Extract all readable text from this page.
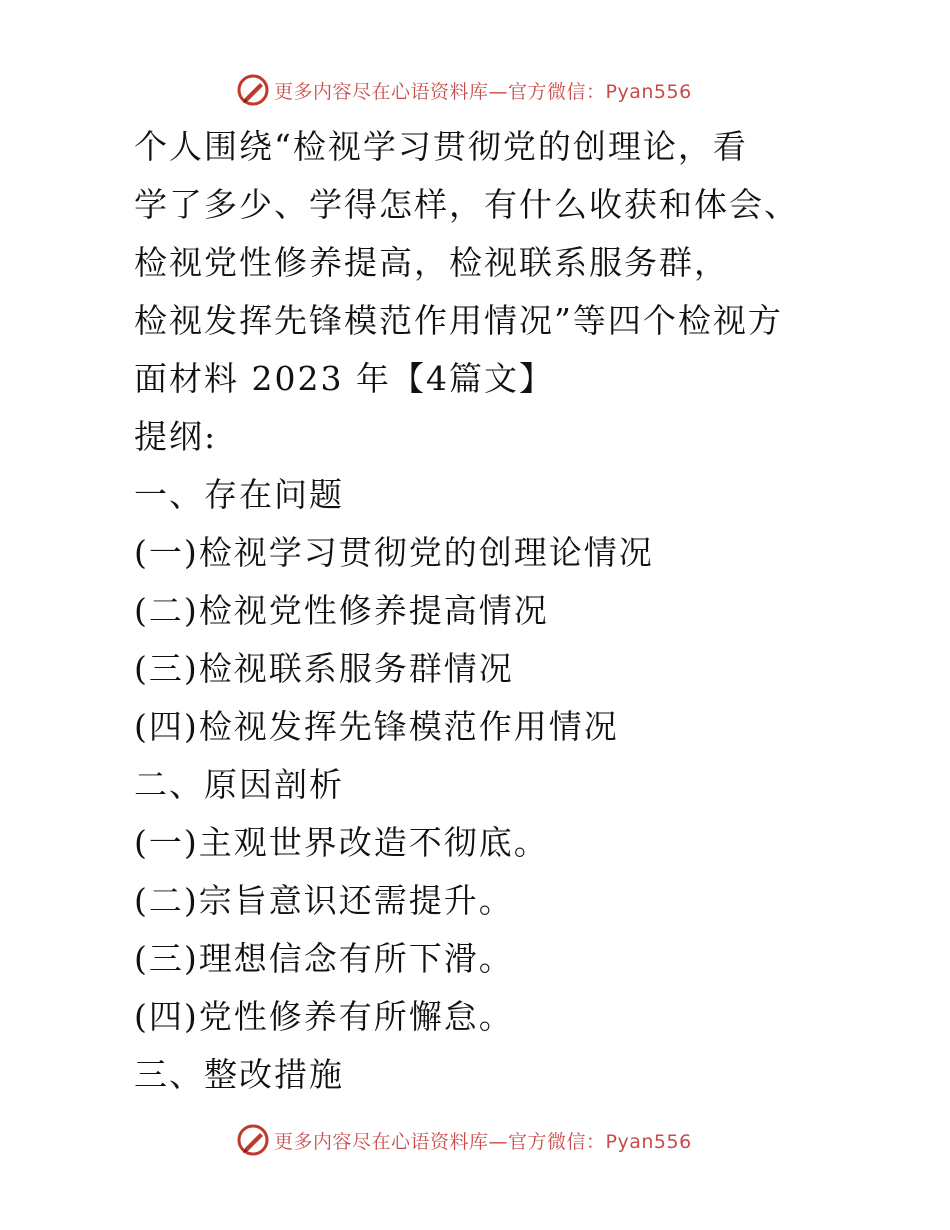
更多内容尽在心语资料库—官方微信：Pyan556
个人围绕“检视学习贯彻党的创理论，看
学了多少、学得怎样，有什么收获和体会、
检视党性修养提高，检视联系服务群，
检视发挥先锋模范作用情况”等四个检视方
面材料 2023 年【4篇文】
提纲:
一、存在问题
(一)检视学习贯彻党的创理论情况
(二)检视党性修养提高情况
(三)检视联系服务群情况
(四)检视发挥先锋模范作用情况
二、原因剖析
(一)主观世界改造不彻底。
(二)宗旨意识还需提升。
(三)理想信念有所下滑。
(四)党性修养有所懈怠。
三、整改措施
更多内容尽在心语资料库—官方微信：Pyan556
